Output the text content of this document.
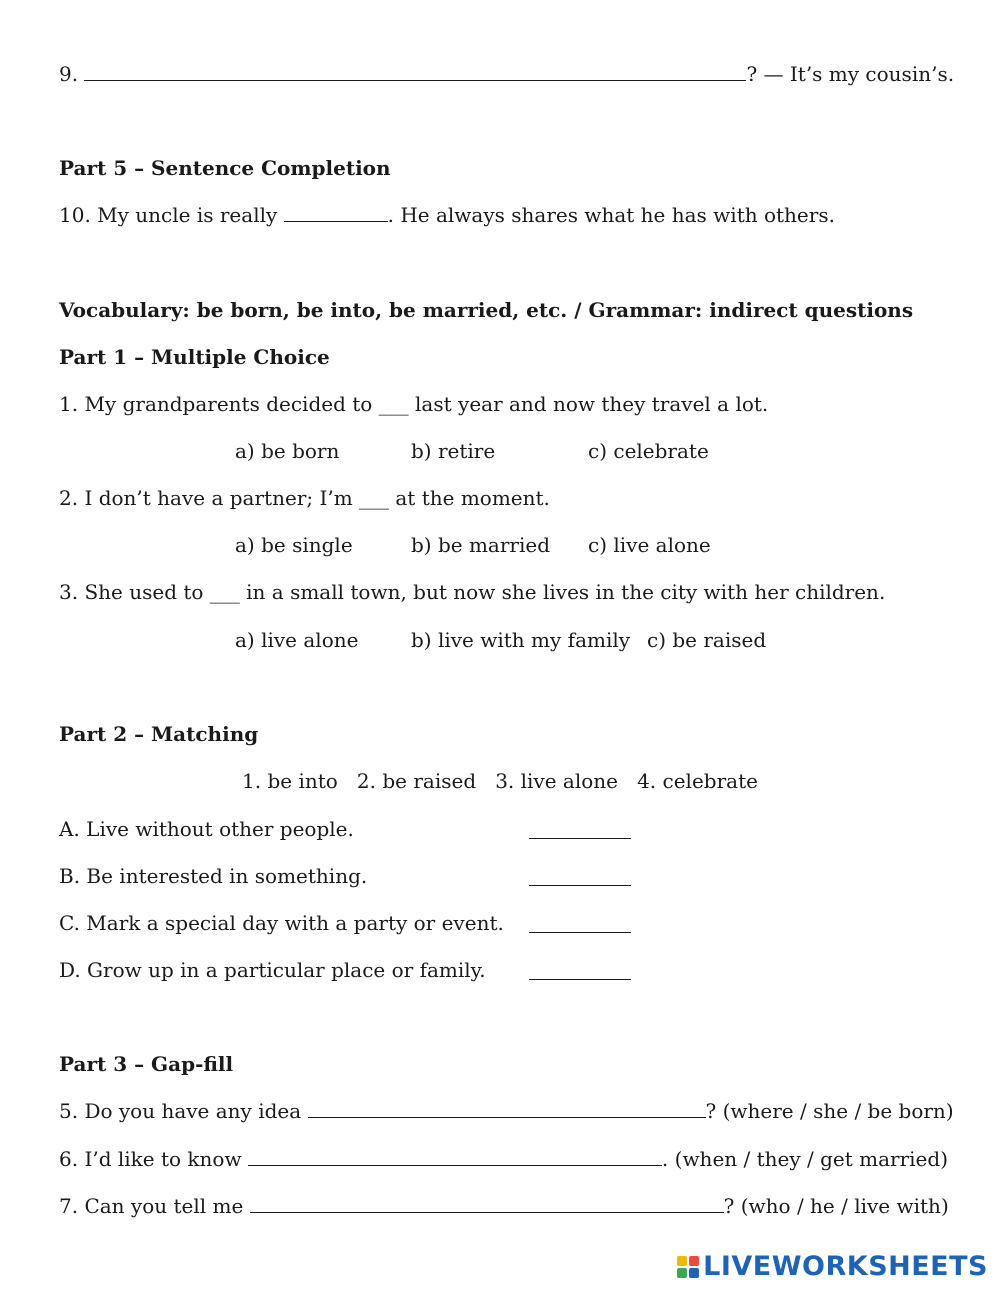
9.	? — It’s my cousin’s.
Part 5 – Sentence Completion
10. My uncle is really	. He always shares what he has with others.
Vocabulary: be born, be into, be married, etc. / Grammar: indirect questions
Part 1 – Multiple Choice
1. My grandparents decided to ___ last year and now they travel a lot.
a) be born	b) retire	c) celebrate
2. I don’t have a partner; I’m ___ at the moment.
a) be single	b) be married c) live alone
3. She used to ___ in a small town, but now she lives in the city with her children.
a) live alone	b) live with my family c) be raised
Part 2 – Matching
1. be into   2. be raised   3. live alone   4. celebrate
A. Live without other people.
B. Be interested in something.
C. Mark a special day with a party or event.
D. Grow up in a particular place or family.
Part 3 – Gap-fill
5. Do you have any idea	? (where / she / be born)
6. I’d like to know	. (when / they / get married)
7. Can you tell me	? (who / he / live with)
LIVEWORKSHEETS
